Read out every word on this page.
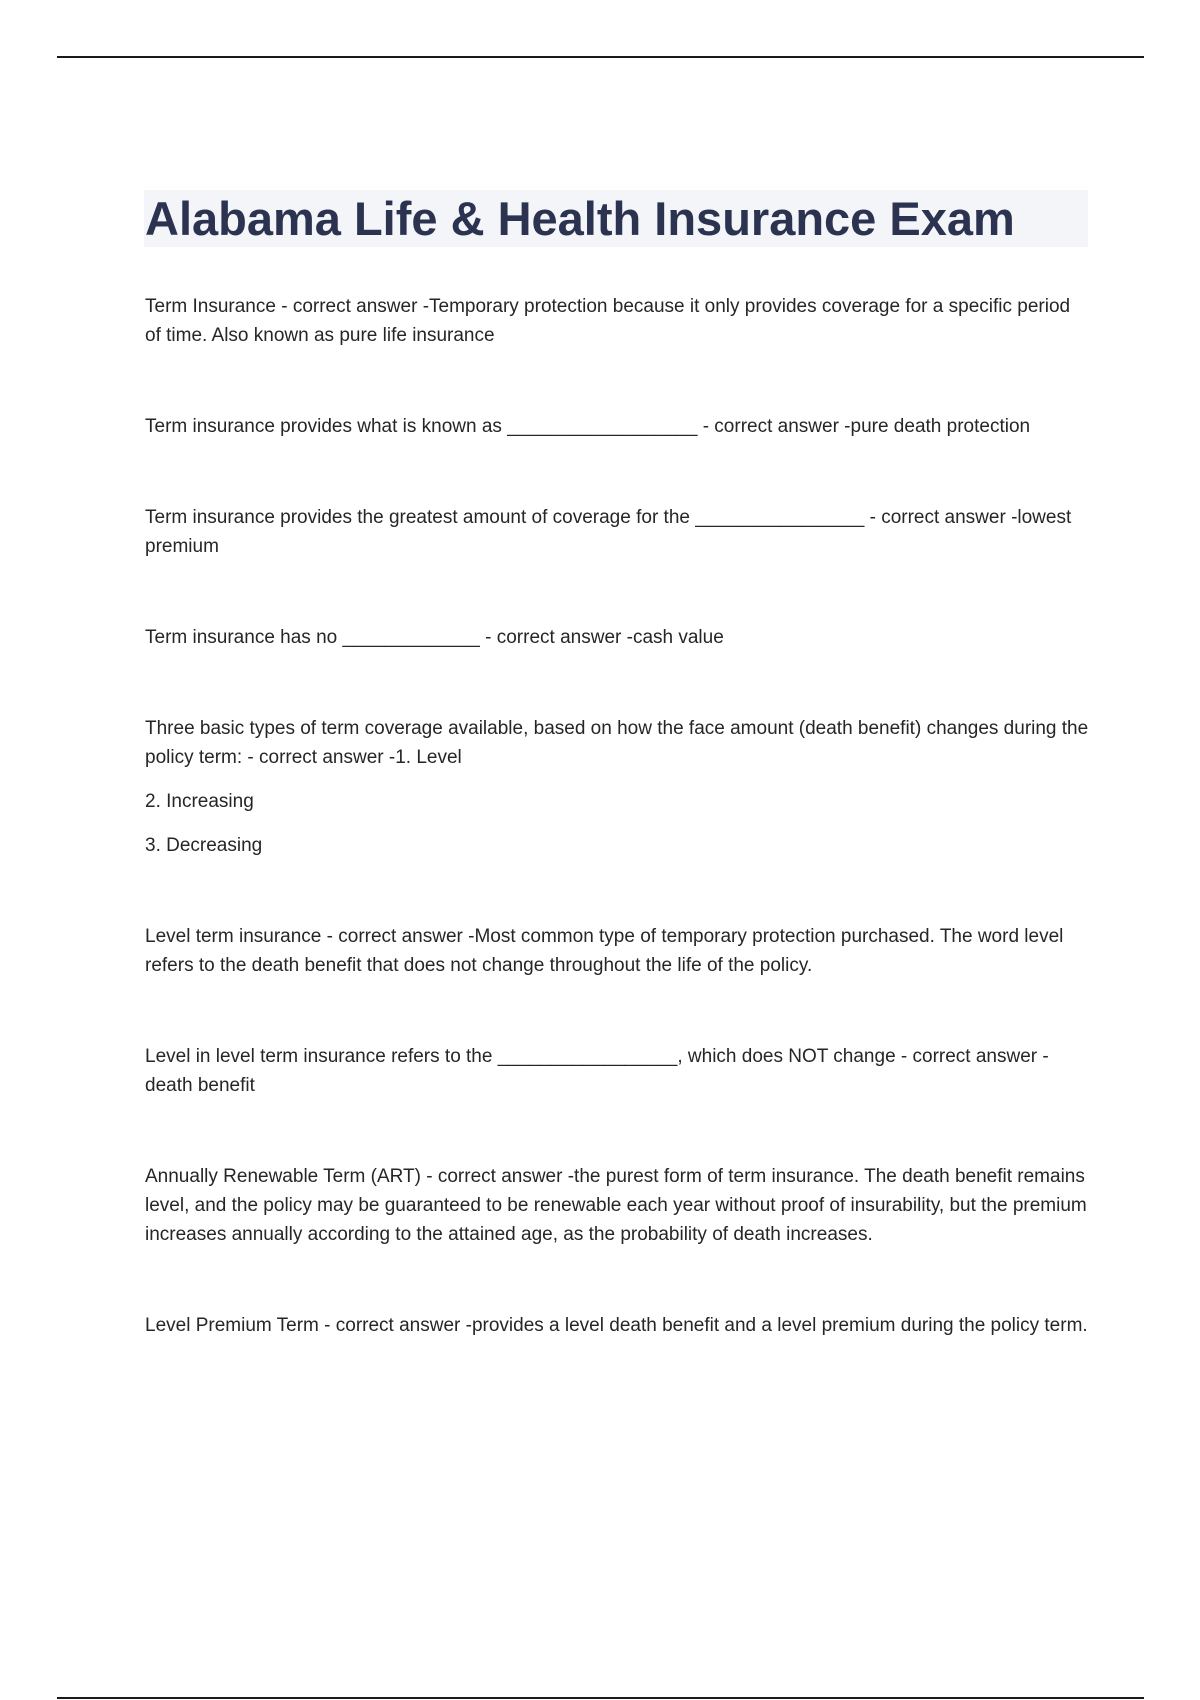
Alabama Life & Health Insurance Exam

Term Insurance - correct answer -Temporary protection because it only provides coverage for a specific period of time. Also known as pure life insurance

Term insurance provides what is known as __________________ - correct answer -pure death protection

Term insurance provides the greatest amount of coverage for the ________________ - correct answer -lowest premium

Term insurance has no _____________ - correct answer -cash value

Three basic types of term coverage available, based on how the face amount (death benefit) changes during the policy term: - correct answer -1. Level

2. Increasing

3. Decreasing

Level term insurance - correct answer -Most common type of temporary protection purchased. The word level refers to the death benefit that does not change throughout the life of the policy.

Level in level term insurance refers to the _________________, which does NOT change - correct answer -death benefit

Annually Renewable Term (ART) - correct answer -the purest form of term insurance. The death benefit remains level, and the policy may be guaranteed to be renewable each year without proof of insurability, but the premium increases annually according to the attained age, as the probability of death increases.

Level Premium Term - correct answer -provides a level death benefit and a level premium during the policy term.
